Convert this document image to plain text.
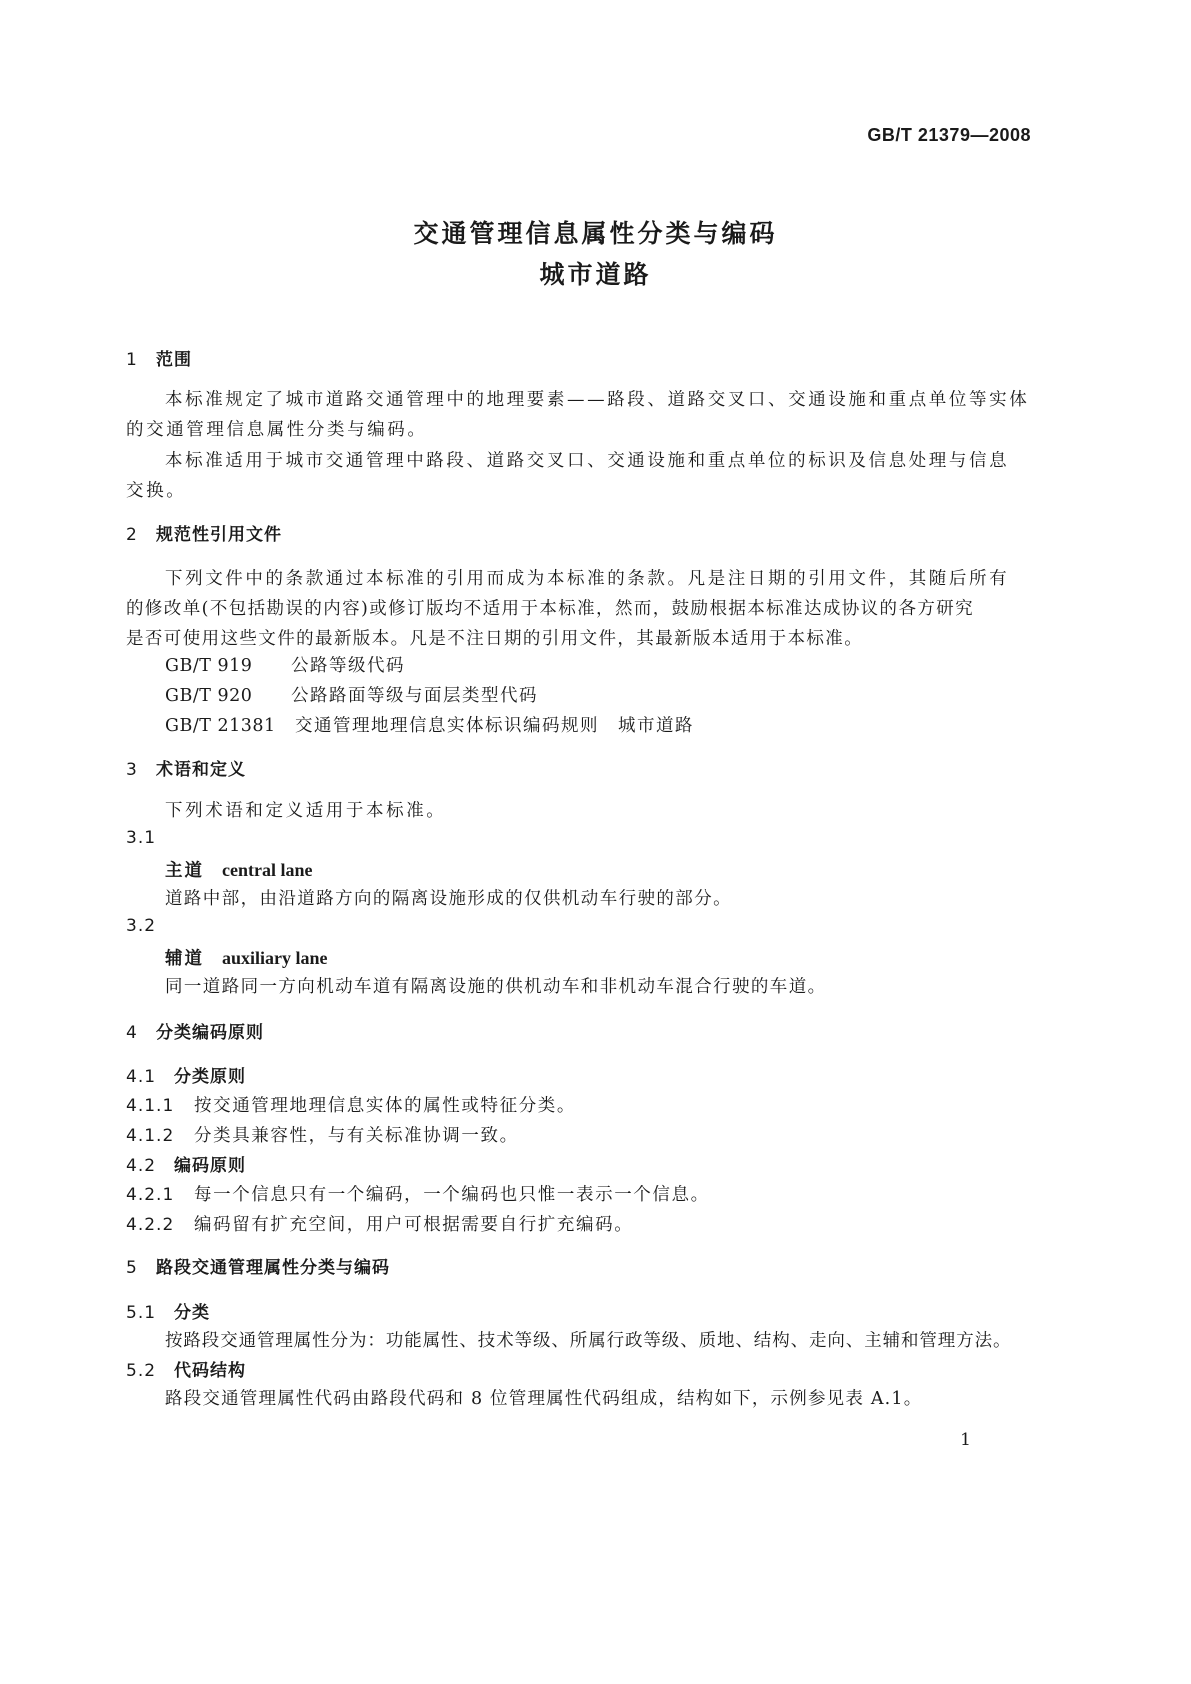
GB/T 21379—2008
交通管理信息属性分类与编码
城市道路
1 范围
本标准规定了城市道路交通管理中的地理要素——路段、道路交叉口、交通设施和重点单位等实体
的交通管理信息属性分类与编码。
本标准适用于城市交通管理中路段、道路交叉口、交通设施和重点单位的标识及信息处理与信息
交换。
2 规范性引用文件
下列文件中的条款通过本标准的引用而成为本标准的条款。凡是注日期的引用文件，其随后所有
的修改单(不包括勘误的内容)或修订版均不适用于本标准，然而，鼓励根据本标准达成协议的各方研究
是否可使用这些文件的最新版本。凡是不注日期的引用文件，其最新版本适用于本标准。
GB/T 919 公路等级代码
GB/T 920 公路路面等级与面层类型代码
GB/T 21381 交通管理地理信息实体标识编码规则　城市道路
3 术语和定义
下列术语和定义适用于本标准。
3.1
主道 central lane
道路中部，由沿道路方向的隔离设施形成的仅供机动车行驶的部分。
3.2
辅道 auxiliary lane
同一道路同一方向机动车道有隔离设施的供机动车和非机动车混合行驶的车道。
4 分类编码原则
4.1 分类原则
4.1.1 按交通管理地理信息实体的属性或特征分类。
4.1.2 分类具兼容性，与有关标准协调一致。
4.2 编码原则
4.2.1 每一个信息只有一个编码，一个编码也只惟一表示一个信息。
4.2.2 编码留有扩充空间，用户可根据需要自行扩充编码。
5 路段交通管理属性分类与编码
5.1 分类
按路段交通管理属性分为：功能属性、技术等级、所属行政等级、质地、结构、走向、主辅和管理方法。
5.2 代码结构
路段交通管理属性代码由路段代码和 8 位管理属性代码组成，结构如下，示例参见表 A.1。
1
